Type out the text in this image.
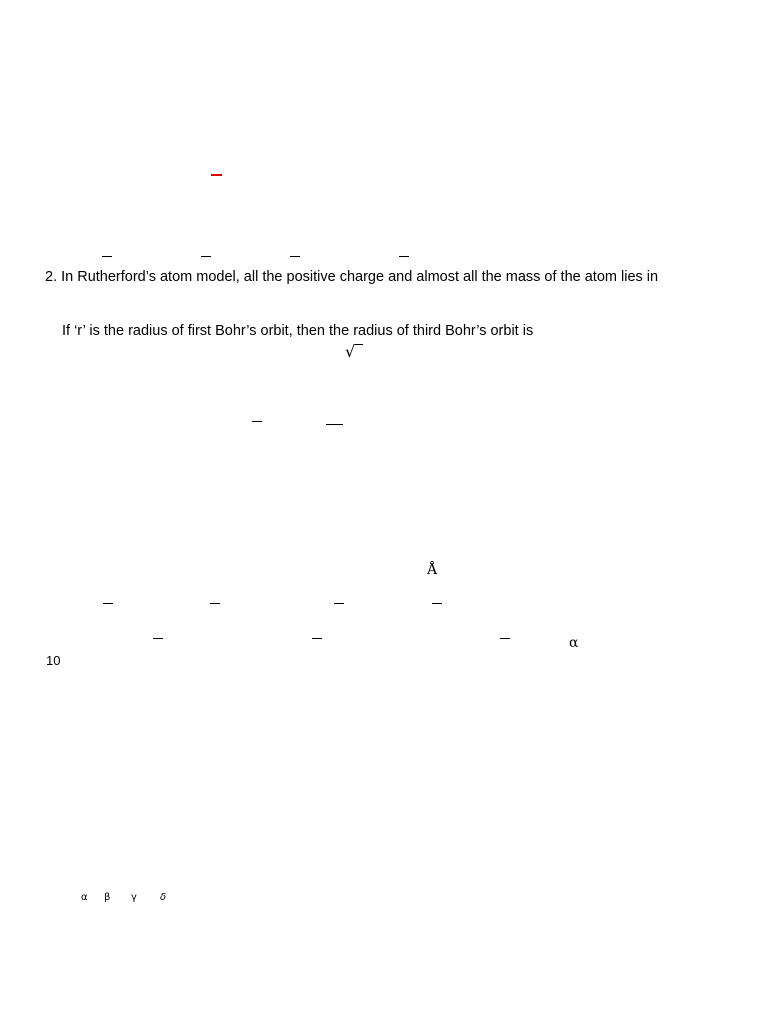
2. In Rutherford’s atom model, all the positive charge and almost all the mass of the atom lies in
If ‘r’ is the radius of first Bohr’s orbit, then the radius of third Bohr’s orbit is
√
Å
α
10
α β γ δ
